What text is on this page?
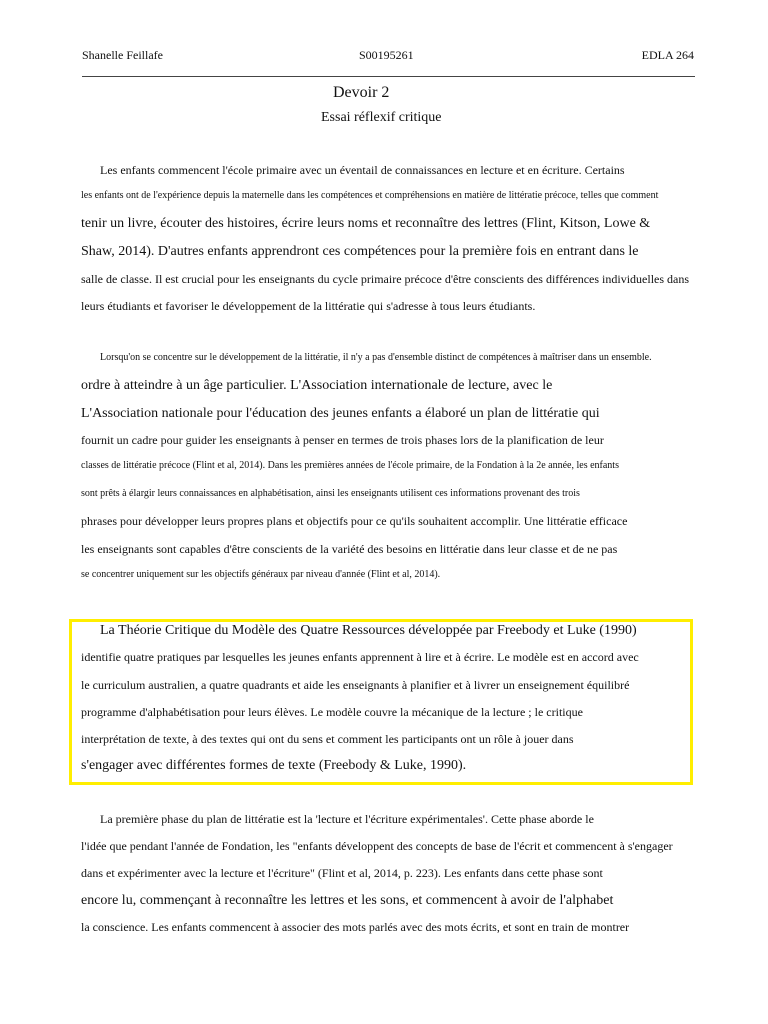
Shanelle Feillafe	S00195261	EDLA 264
Devoir 2
Essai réflexif critique
Les enfants commencent l'école primaire avec un éventail de connaissances en lecture et en écriture. Certains
les enfants ont de l'expérience depuis la maternelle dans les compétences et compréhensions en matière de littératie précoce, telles que comment
tenir un livre, écouter des histoires, écrire leurs noms et reconnaître des lettres (Flint, Kitson, Lowe &
Shaw, 2014). D'autres enfants apprendront ces compétences pour la première fois en entrant dans le
salle de classe. Il est crucial pour les enseignants du cycle primaire précoce d'être conscients des différences individuelles dans
leurs étudiants et favoriser le développement de la littératie qui s'adresse à tous leurs étudiants.
Lorsqu'on se concentre sur le développement de la littératie, il n'y a pas d'ensemble distinct de compétences à maîtriser dans un ensemble.
ordre à atteindre à un âge particulier. L'Association internationale de lecture, avec le
L'Association nationale pour l'éducation des jeunes enfants a élaboré un plan de littératie qui
fournit un cadre pour guider les enseignants à penser en termes de trois phases lors de la planification de leur
classes de littératie précoce (Flint et al, 2014). Dans les premières années de l'école primaire, de la Fondation à la 2e année, les enfants
sont prêts à élargir leurs connaissances en alphabétisation, ainsi les enseignants utilisent ces informations provenant des trois
phrases pour développer leurs propres plans et objectifs pour ce qu'ils souhaitent accomplir. Une littératie efficace
les enseignants sont capables d'être conscients de la variété des besoins en littératie dans leur classe et de ne pas
se concentrer uniquement sur les objectifs généraux par niveau d'année (Flint et al, 2014).
La Théorie Critique du Modèle des Quatre Ressources développée par Freebody et Luke (1990)
identifie quatre pratiques par lesquelles les jeunes enfants apprennent à lire et à écrire. Le modèle est en accord avec
le curriculum australien, a quatre quadrants et aide les enseignants à planifier et à livrer un enseignement équilibré
programme d'alphabétisation pour leurs élèves. Le modèle couvre la mécanique de la lecture ; le critique
interprétation de texte, à des textes qui ont du sens et comment les participants ont un rôle à jouer dans
s'engager avec différentes formes de texte (Freebody & Luke, 1990).
La première phase du plan de littératie est la 'lecture et l'écriture expérimentales'. Cette phase aborde le
l'idée que pendant l'année de Fondation, les "enfants développent des concepts de base de l'écrit et commencent à s'engager
dans et expérimenter avec la lecture et l'écriture" (Flint et al, 2014, p. 223). Les enfants dans cette phase sont
encore lu, commençant à reconnaître les lettres et les sons, et commencent à avoir de l'alphabet
la conscience. Les enfants commencent à associer des mots parlés avec des mots écrits, et sont en train de montrer
